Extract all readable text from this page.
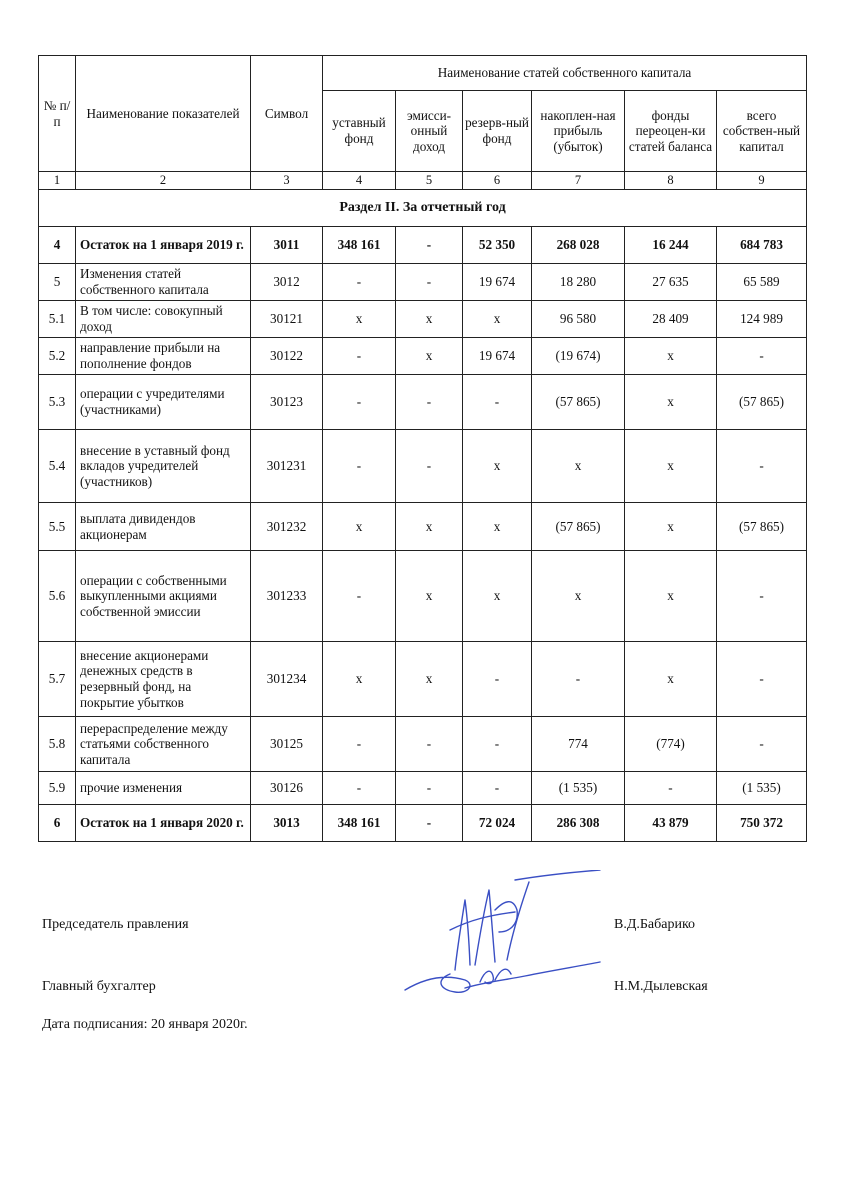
№ п/п	Наименование показателей	Символ	Наименование статей собственного капитала					
			уставный фонд	эмисси-онный доход	резерв-ный фонд	накоплен-ная прибыль (убыток)	фонды переоцен-ки статей баланса	всего собствен-ный капитал
1	2	3	4	5	6	7	8	9
Раздел II. За отчетный год								
4	Остаток на 1 января 2019 г.	3011	348 161	-	52 350	268 028	16 244	684 783
5	Изменения статей собственного капитала	3012	-	-	19 674	18 280	27 635	65 589
5.1	В том числе: совокупный доход	30121	x	x	x	96 580	28 409	124 989
5.2	направление прибыли на пополнение фондов	30122	-	x	19 674	(19 674)	x	-
5.3	операции с учредителями (участниками)	30123	-	-	-	(57 865)	x	(57 865)
5.4	внесение в уставный фонд вкладов учредителей (участников)	301231	-	-	x	x	x	-
5.5	выплата дивидендов акционерам	301232	x	x	x	(57 865)	x	(57 865)
5.6	операции с собственными выкупленными акциями собственной эмиссии	301233	-	x	x	x	x	-
5.7	внесение акционерами денежных средств в резервный фонд, на покрытие убытков	301234	x	x	-	-	x	-
5.8	перераспределение между статьями собственного капитала	30125	-	-	-	774	(774)	-
5.9	прочие изменения	30126	-	-	-	(1 535)	-	(1 535)
6	Остаток на 1 января 2020 г.	3013	348 161	-	72 024	286 308	43 879	750 372
Председатель правления	В.Д.Бабарико
Главный бухгалтер	Н.М.Дылевская
Дата подписания: 20 января 2020г.
